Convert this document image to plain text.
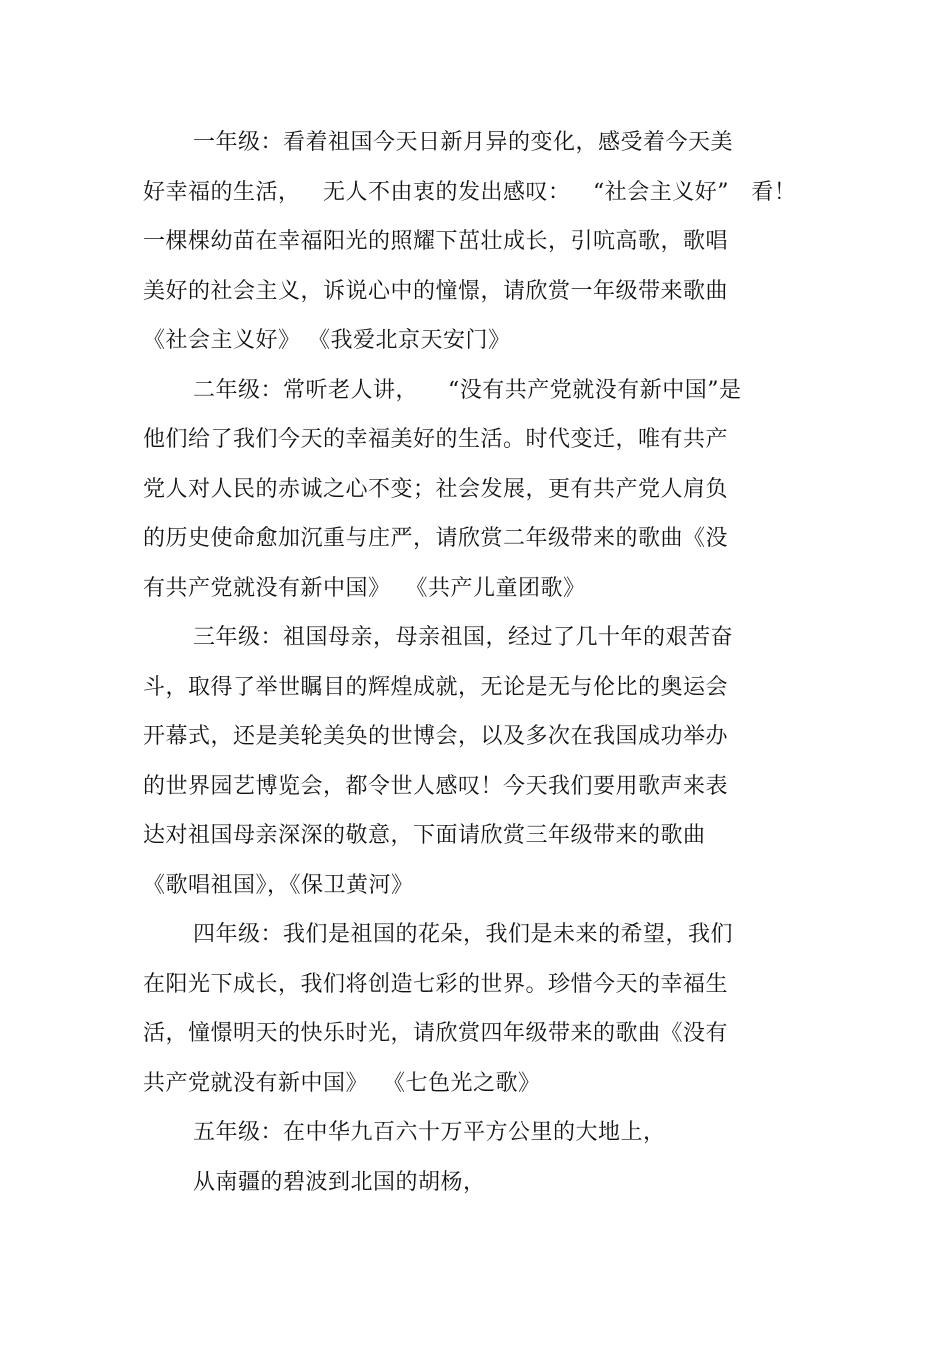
一年级：看着祖国今天日新月异的变化，感受着今天美
好幸福的生活，   无人不由衷的发出感叹：   “社会主义好”   看！
一棵棵幼苗在幸福阳光的照耀下茁壮成长，引吭高歌，歌唱
美好的社会主义，诉说心中的憧憬，请欣赏一年级带来歌曲
《社会主义好》 《我爱北京天安门》
二年级：常听老人讲，    “没有共产党就没有新中国”是
他们给了我们今天的幸福美好的生活。时代变迁，唯有共产
党人对人民的赤诚之心不变；社会发展，更有共产党人肩负
的历史使命愈加沉重与庄严，请欣赏二年级带来的歌曲《没
有共产党就没有新中国》  《共产儿童团歌》
三年级：祖国母亲，母亲祖国，经过了几十年的艰苦奋
斗，取得了举世瞩目的辉煌成就，无论是无与伦比的奥运会
开幕式，还是美轮美奂的世博会，以及多次在我国成功举办
的世界园艺博览会，都令世人感叹！今天我们要用歌声来表
达对祖国母亲深深的敬意，下面请欣赏三年级带来的歌曲
《歌唱祖国》，《保卫黄河》
四年级：我们是祖国的花朵，我们是未来的希望，我们
在阳光下成长，我们将创造七彩的世界。珍惜今天的幸福生
活，憧憬明天的快乐时光，请欣赏四年级带来的歌曲《没有
共产党就没有新中国》  《七色光之歌》
五年级：在中华九百六十万平方公里的大地上，
从南疆的碧波到北国的胡杨，
